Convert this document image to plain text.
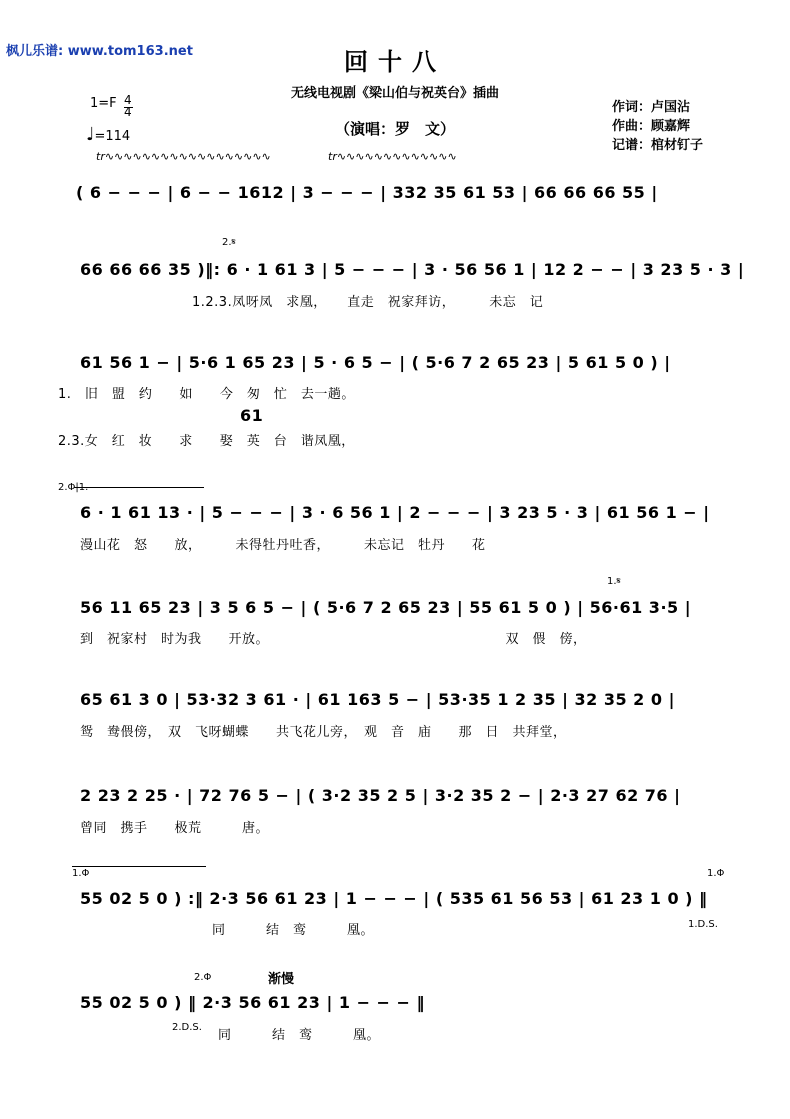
枫儿乐谱: www.tom163.net	回十八
无线电视剧《梁山伯与祝英台》插曲
（演唱：罗　文）
作词：卢国沾
作曲：顾嘉辉
记谱：棺材钉子
1=F 4
4
♩=114
tr∿∿∿∿∿∿∿∿∿∿∿∿∿∿∿∿∿∿	tr∿∿∿∿∿∿∿∿∿∿∿∿∿
( 6 − − − | 6 − − 1612 | 3 − − − | 332 35 61 53 | 66 66 66 55 |
2.𝄋
66 66 66 35 )‖: 6 · 1 61 3 | 5 − − − | 3 · 56 56 1 | 12 2 − − | 3 23 5 · 3 |
1.2.3.凤呀凤　求凰，　　直走　祝家拜访，　　　未忘　记
61 56 1 − | 5·6 1 65 23 | 5 · 6 5 − | ( 5·6 7 2 65 23 | 5 61 5 0 ) |
1.　旧　盟　约　　如　　今　匆　忙　去一趟。
61
2.3.女　红　妆　　求　　娶　英　台　谐凤凰，
2.Φ|1.
6 · 1 61 13 · | 5 − − − | 3 · 6 56 1 | 2 − − − | 3 23 5 · 3 | 61 56 1 − |
漫山花　怒　　放，　　　未得牡丹吐香，　　　未忘记　牡丹　　花
1.𝄋
56 11 65 23 | 3 5 6 5 − | ( 5·6 7 2 65 23 | 55 61 5 0 ) | 56·61 3·5 |
到　祝家村　时为我　　开放。　　　　　　　　　　　　　　　　　　双　偎　傍，
65 61 3 0 | 53·32 3 61 · | 61 163 5 − | 53·35 1 2 35 | 32 35 2 0 |
鸳　鸯偎傍，　双　飞呀蝴蝶　　共飞花儿旁，　观　音　庙　　那　日　共拜堂，
2 23 2 25 · | 72 76 5 − | ( 3·2 35 2 5 | 3·2 35 2 − | 2·3 27 62 76 |
曾同　携手　　极荒　　　唐。
1.Φ	1.Φ
55 02 5 0 ) :‖ 2·3 56 61 23 | 1 − − − | ( 535 61 56 53 | 61 23 1 0 ) ‖
同　　　结　鸾　　　凰。	1.D.S.
2.Φ	渐慢
55 02 5 0 ) ‖ 2·3 56 61 23 | 1 − − − ‖
2.D.S.
同　　　结　鸾　　　凰。
